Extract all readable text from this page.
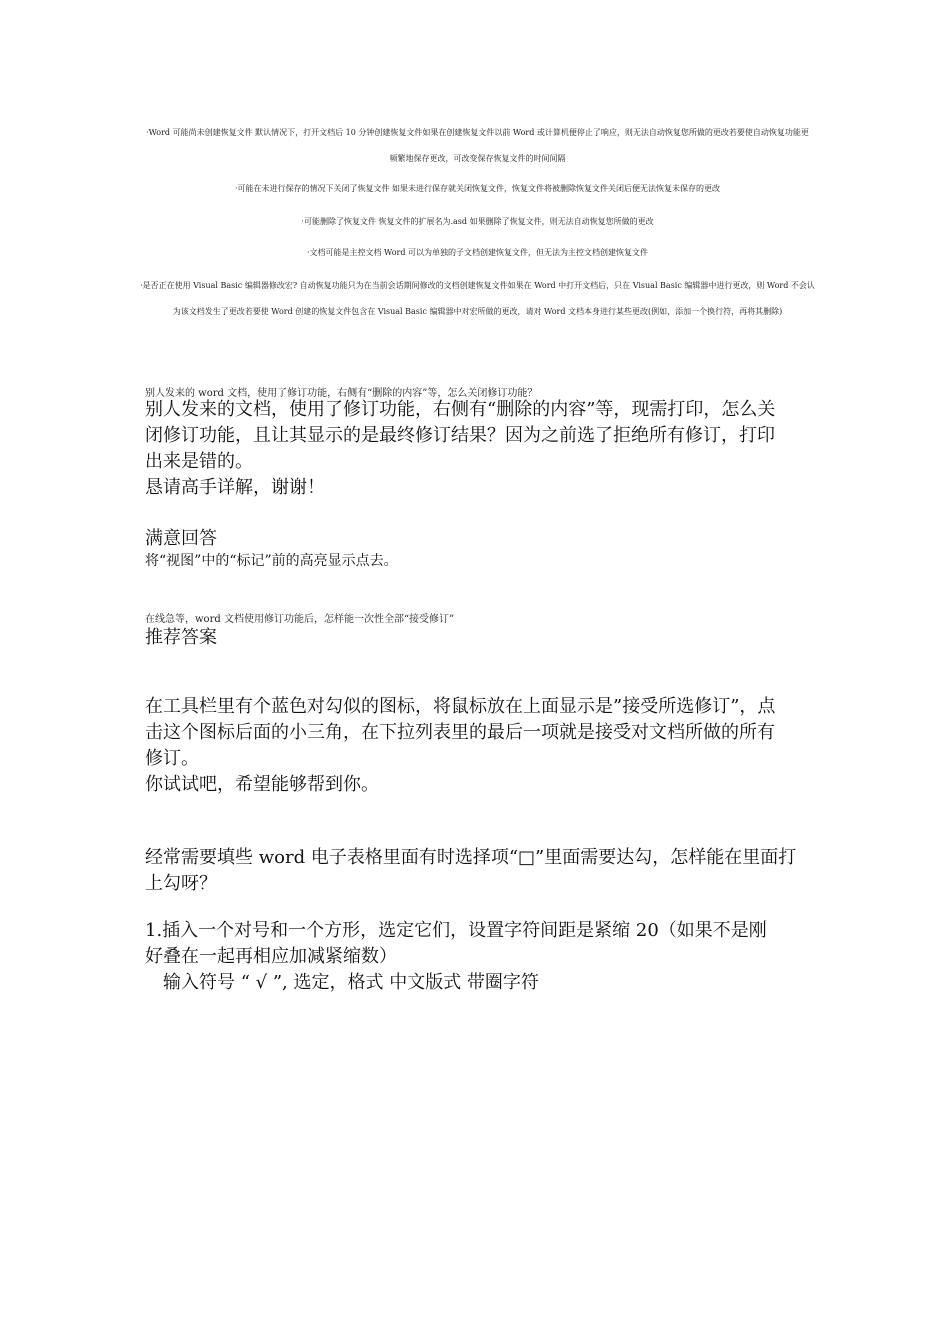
·Word 可能尚未创建恢复文件 默认情况下，打开文档后 10 分钟创建恢复文件如果在创建恢复文件以前 Word 或计算机便停止了响应，则无法自动恢复您所做的更改若要使自动恢复功能更

频繁地保存更改，可改变保存恢复文件的时间间隔

·可能在未进行保存的情况下关闭了恢复文件 如果未进行保存就关闭恢复文件，恢复文件将被删除恢复文件关闭后便无法恢复未保存的更改

·可能删除了恢复文件 恢复文件的扩展名为.asd 如果删除了恢复文件，则无法自动恢复您所做的更改

·文档可能是主控文档 Word 可以为单独的子文档创建恢复文件，但无法为主控文档创建恢复文件

·是否正在使用 Visual Basic 编辑器修改宏? 自动恢复功能只为在当前会话期间修改的文档创建恢复文件如果在 Word 中打开文档后，只在 Visual Basic 编辑器中进行更改，则 Word 不会认

为该文档发生了更改若要使 Word 创建的恢复文件包含在 Visual Basic 编辑器中对宏所做的更改，请对 Word 文档本身进行某些更改(例如，添加一个换行符，再将其删除)

别人发来的 word 文档，使用了修订功能，右侧有“删除的内容”等，怎么关闭修订功能？

别人发来的文档，使用了修订功能，右侧有“删除的内容”等，现需打印，怎么关

闭修订功能，且让其显示的是最终修订结果？因为之前选了拒绝所有修订，打印

出来是错的。

恳请高手详解，谢谢！

满意回答
将“视图”中的“标记”前的高亮显示点去。
在线急等，word 文档使用修订功能后，怎样能一次性全部“接受修订”
推荐答案

在工具栏里有个蓝色对勾似的图标，将鼠标放在上面显示是”接受所选修订”，点

击这个图标后面的小三角，在下拉列表里的最后一项就是接受对文档所做的所有

修订。

你试试吧，希望能够帮到你。

经常需要填些 word 电子表格里面有时选择项“□”里面需要达勾，怎样能在里面打

上勾呀？

1.插入一个对号和一个方形，选定它们，设置字符间距是紧缩 20（如果不是刚

好叠在一起再相应加减紧缩数）

输入符号 “ √ ”, 选定，格式 中文版式 带圈字符
